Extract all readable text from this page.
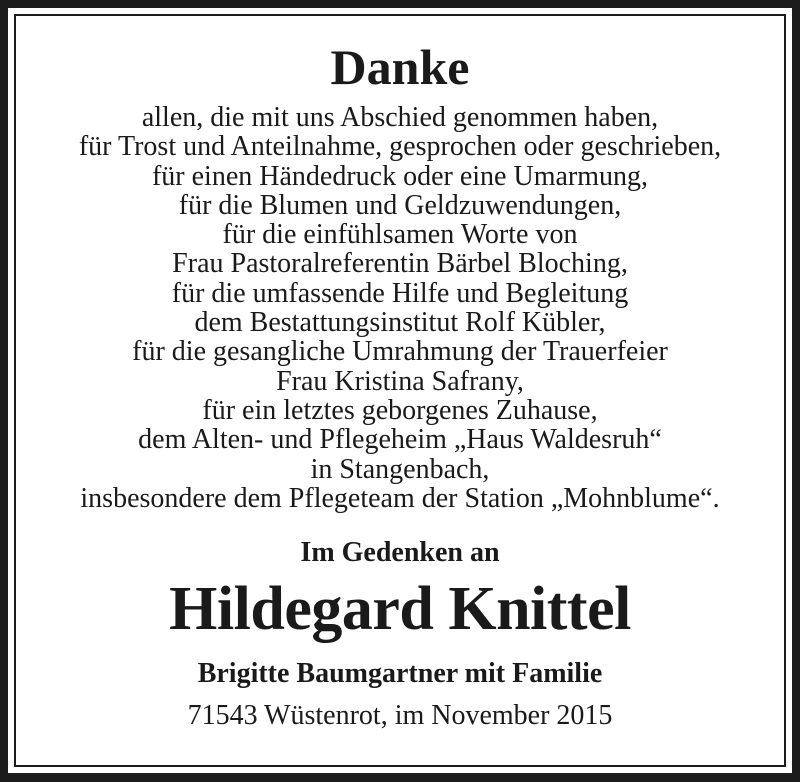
Danke
allen, die mit uns Abschied genommen haben,
für Trost und Anteilnahme, gesprochen oder geschrieben,
für einen Händedruck oder eine Umarmung,
für die Blumen und Geldzuwendungen,
für die einfühlsamen Worte von
Frau Pastoralreferentin Bärbel Bloching,
für die umfassende Hilfe und Begleitung
dem Bestattungsinstitut Rolf Kübler,
für die gesangliche Umrahmung der Trauerfeier
Frau Kristina Safrany,
für ein letztes geborgenes Zuhause,
dem Alten- und Pflegeheim „Haus Waldesruh“
in Stangenbach,
insbesondere dem Pflegeteam der Station „Mohnblume“.
Im Gedenken an
Hildegard Knittel
Brigitte Baumgartner mit Familie
71543 Wüstenrot, im November 2015
